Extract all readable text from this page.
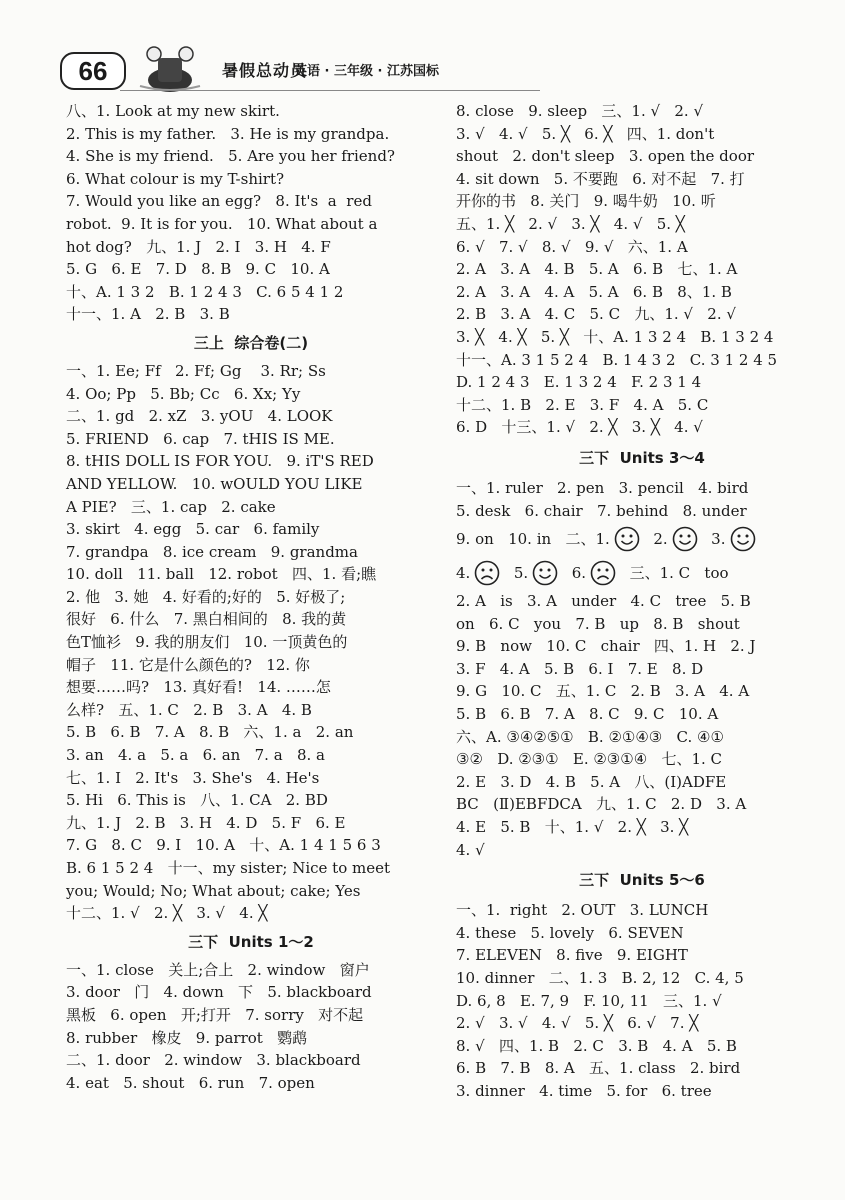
66	暑假总动员
英语 · 三年级 · 江苏国标
八、1. Look at my new skirt.
2. This is my father.   3. He is my grandpa.
4. She is my friend.   5. Are you her friend?
6. What colour is my T-shirt?
7. Would you like an egg?   8. It's  a  red
robot.  9. It is for you.   10. What about a
hot dog?   九、1. J   2. I   3. H   4. F
5. G   6. E   7. D   8. B   9. C   10. A
十、A. 1 3 2   B. 1 2 4 3   C. 6 5 4 1 2
十一、1. A   2. B   3. B
三上  综合卷(二)
一、1. Ee; Ff   2. Ff; Gg    3. Rr; Ss
4. Oo; Pp   5. Bb; Cc   6. Xx; Yy
二、1. gd   2. xZ   3. yOU   4. LOOK
5. FRIEND   6. cap   7. tHIS IS ME.
8. tHIS DOLL IS FOR YOU.   9. iT'S RED
AND YELLOW.   10. wOULD YOU LIKE
A PIE?   三、1. cap   2. cake
3. skirt   4. egg   5. car   6. family
7. grandpa   8. ice cream   9. grandma
10. doll   11. ball   12. robot   四、1. 看;瞧
2. 他   3. 她   4. 好看的;好的   5. 好极了;
很好   6. 什么   7. 黑白相间的   8. 我的黄
色T恤衫   9. 我的朋友们   10. 一顶黄色的
帽子   11. 它是什么颜色的?   12. 你
想要……吗?   13. 真好看!   14. ……怎
么样?   五、1. C   2. B   3. A   4. B
5. B   6. B   7. A   8. B   六、1. a   2. an
3. an   4. a   5. a   6. an   7. a   8. a
七、1. I   2. It's   3. She's   4. He's
5. Hi   6. This is   八、1. CA   2. BD
九、1. J   2. B   3. H   4. D   5. F   6. E
7. G   8. C   9. I   10. A   十、A. 1 4 1 5 6 3
B. 6 1 5 2 4   十一、my sister; Nice to meet
you; Would; No; What about; cake; Yes
十二、1. √   2. ╳   3. √   4. ╳
三下  Units 1～2
一、1. close   关上;合上   2. window   窗户
3. door   门   4. down   下   5. blackboard
黑板   6. open   开;打开   7. sorry   对不起
8. rubber   橡皮   9. parrot   鹦鹉
二、1. door   2. window   3. blackboard
4. eat   5. shout   6. run   7. open
8. close   9. sleep   三、1. √   2. √
3. √   4. √   5. ╳   6. ╳   四、1. don't
shout   2. don't sleep   3. open the door
4. sit down   5. 不要跑   6. 对不起   7. 打
开你的书   8. 关门   9. 喝牛奶   10. 听
五、1. ╳   2. √   3. ╳   4. √   5. ╳
6. √   7. √   8. √   9. √   六、1. A
2. A   3. A   4. B   5. A   6. B   七、1. A
2. A   3. A   4. A   5. A   6. B   8、1. B
2. B   3. A   4. C   5. C   九、1. √   2. √
3. ╳   4. ╳   5. ╳   十、A. 1 3 2 4   B. 1 3 2 4
十一、A. 3 1 5 2 4   B. 1 4 3 2   C. 3 1 2 4 5
D. 1 2 4 3   E. 1 3 2 4   F. 2 3 1 4
十二、1. B   2. E   3. F   4. A   5. C
6. D   十三、1. √   2. ╳   3. ╳   4. √
三下  Units 3～4
一、1. ruler   2. pen   3. pencil   4. bird
5. desk   6. chair   7. behind   8. under
9. on   10. in   二、1. 2. 3.
4. 5. 6. 三、1. C   too
2. A   is   3. A   under   4. C   tree   5. B
on   6. C   you   7. B   up   8. B   shout
9. B   now   10. C   chair   四、1. H   2. J
3. F   4. A   5. B   6. I   7. E   8. D
9. G   10. C   五、1. C   2. B   3. A   4. A
5. B   6. B   7. A   8. C   9. C   10. A
六、A. ③④②⑤①   B. ②①④③   C. ④①
③②   D. ②③①   E. ②③①④   七、1. C
2. E   3. D   4. B   5. A   八、(Ⅰ)ADFE
BC   (Ⅱ)EBFDCA   九、1. C   2. D   3. A
4. E   5. B   十、1. √   2. ╳   3. ╳
4. √
三下  Units 5～6
一、1.  right   2. OUT   3. LUNCH
4. these   5. lovely   6. SEVEN
7. ELEVEN   8. five   9. EIGHT
10. dinner   二、1. 3   B. 2, 12   C. 4, 5
D. 6, 8   E. 7, 9   F. 10, 11   三、1. √
2. √   3. √   4. √   5. ╳   6. √   7. ╳
8. √   四、1. B   2. C   3. B   4. A   5. B
6. B   7. B   8. A   五、1. class   2. bird
3. dinner   4. time   5. for   6. tree
